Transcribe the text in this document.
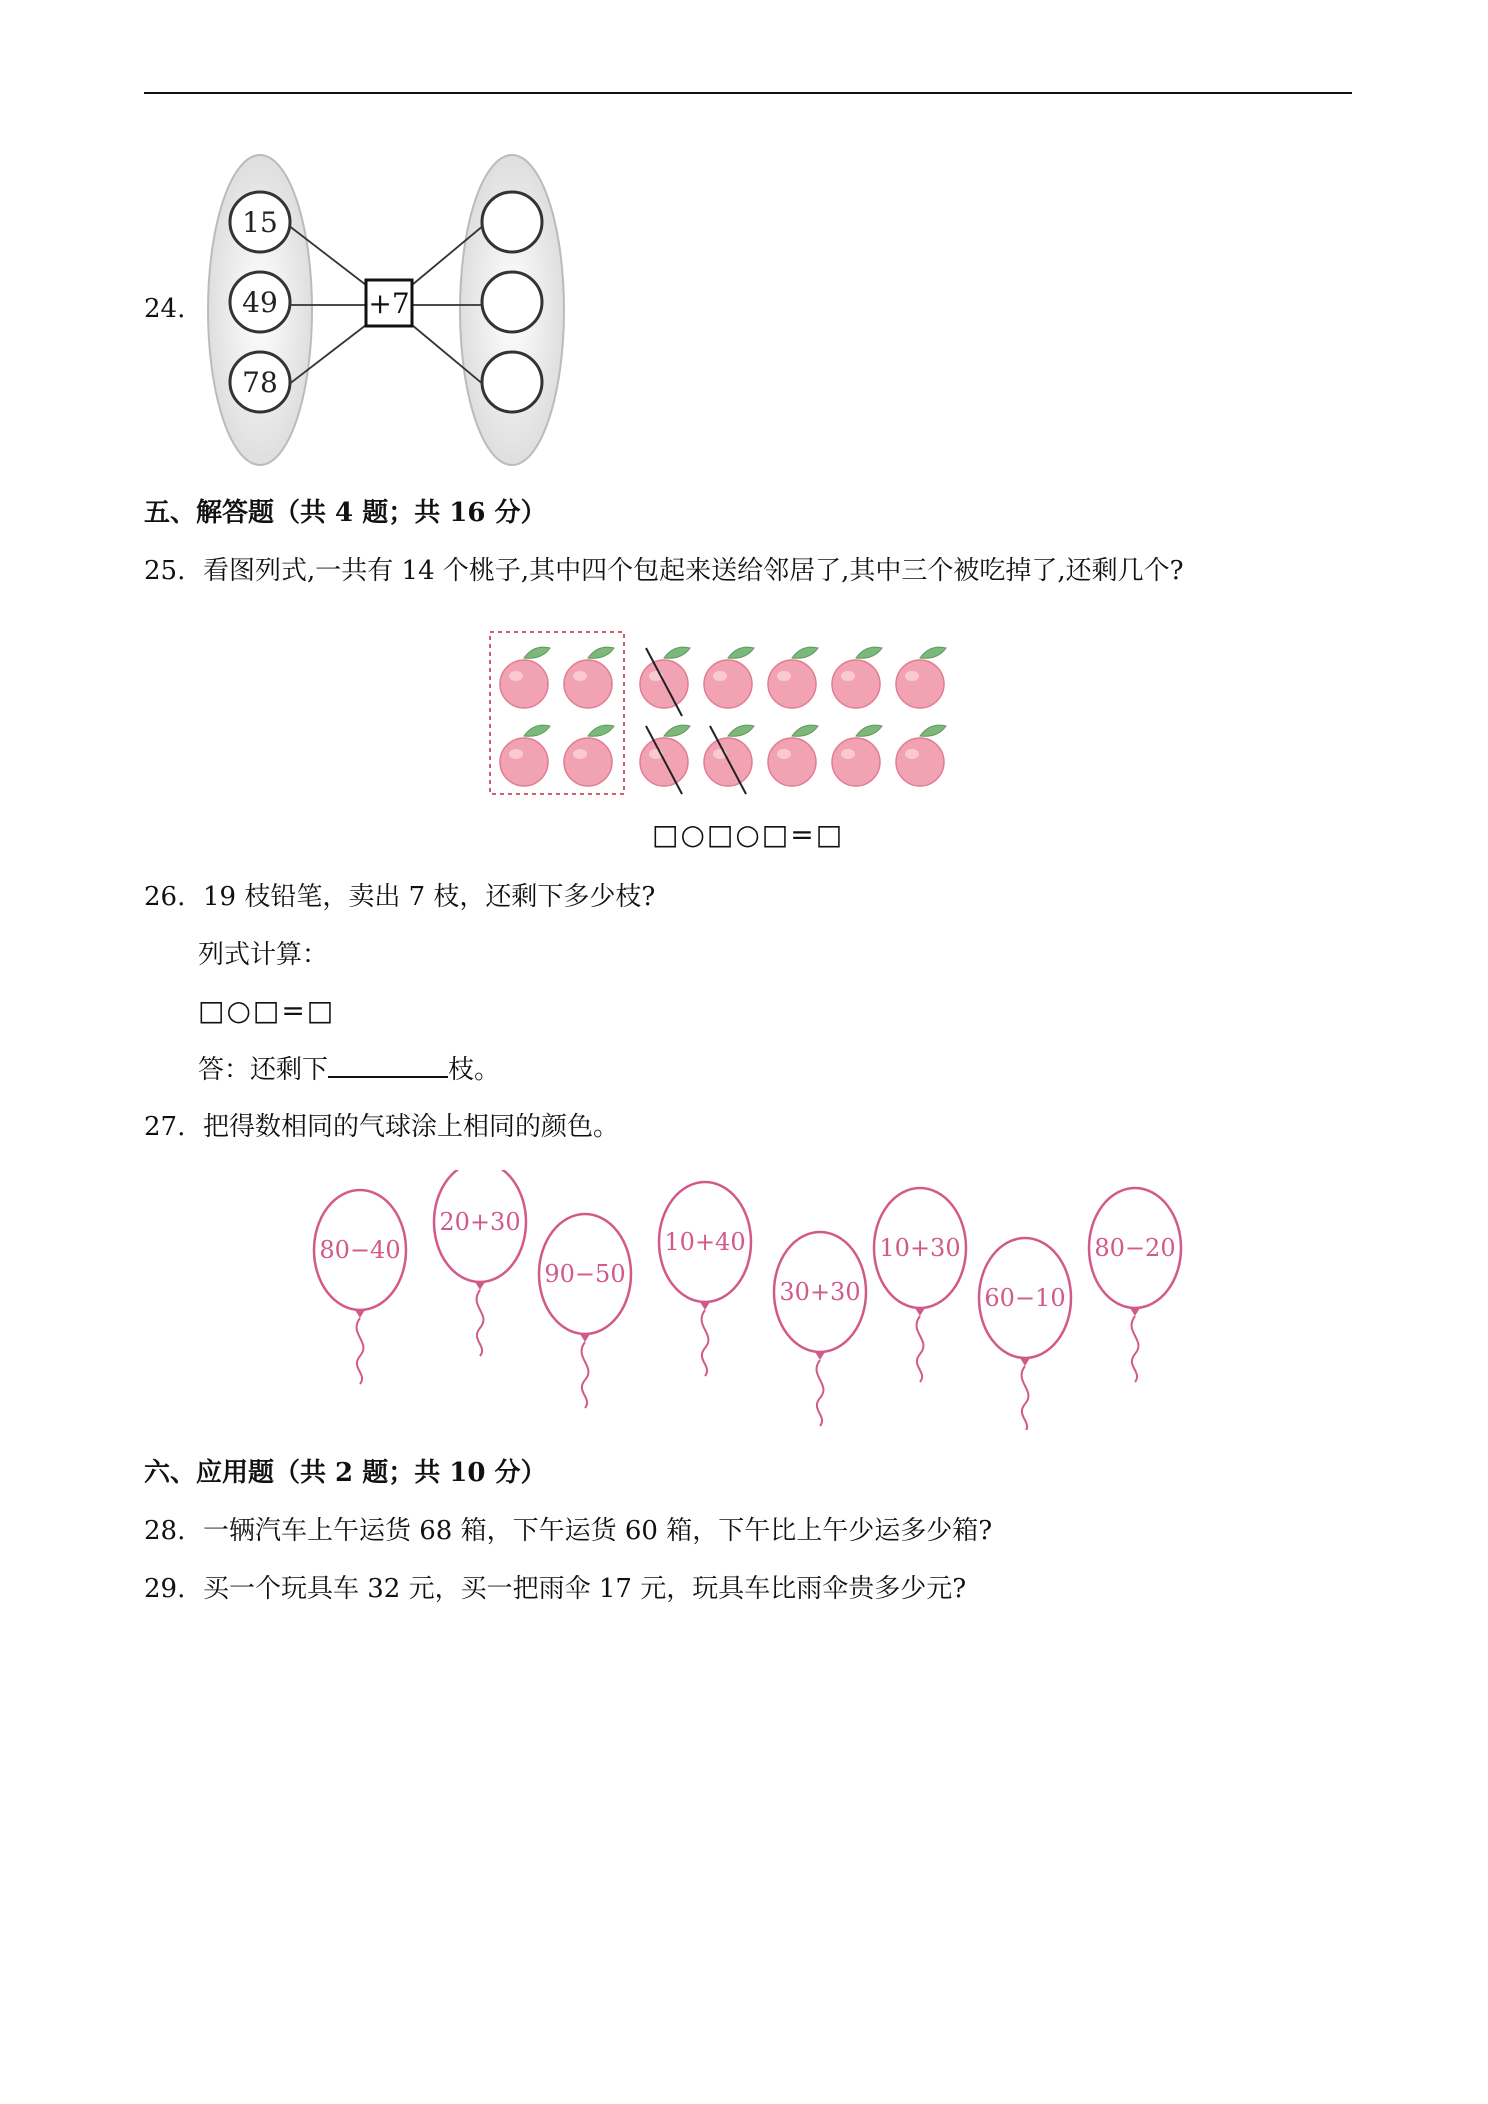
24.
15
49
78
+7
五、解答题（共 4 题；共 16 分）
25. 看图列式,一共有 14 个桃子,其中四个包起来送给邻居了,其中三个被吃掉了,还剩几个?
□○□○□=□
26. 19 枝铅笔，卖出 7 枝，还剩下多少枝?
列式计算：
□○□=□
答：还剩下	枝。
27. 把得数相同的气球涂上相同的颜色。
80−40
20+30
90−50
10+40
30+30
10+30
60−10
80−20
六、应用题（共 2 题；共 10 分）
28. 一辆汽车上午运货 68 箱，下午运货 60 箱，下午比上午少运多少箱?
29. 买一个玩具车 32 元，买一把雨伞 17 元，玩具车比雨伞贵多少元?
